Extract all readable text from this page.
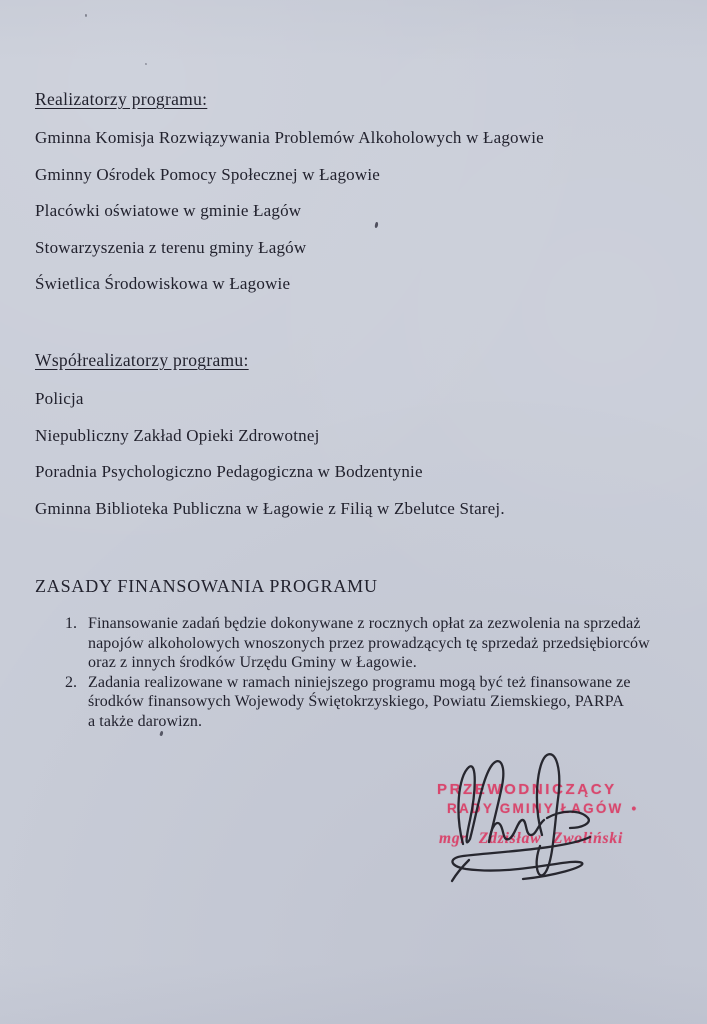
Realizatorzy programu:

Gminna Komisja Rozwiązywania Problemów Alkoholowych w Łagowie

Gminny Ośrodek Pomocy Społecznej w Łagowie

Placówki oświatowe w gminie Łagów

Stowarzyszenia z terenu gminy Łagów

Świetlica Środowiskowa w Łagowie

Współrealizatorzy programu:

Policja

Niepubliczny Zakład Opieki Zdrowotnej

Poradnia Psychologiczno Pedagogiczna w Bodzentynie

Gminna Biblioteka Publiczna w Łagowie z Filią w Zbelutce Starej.

ZASADY FINANSOWANIA PROGRAMU
1. Finansowanie zadań będzie dokonywane z rocznych opłat za zezwolenia na sprzedaż
napojów alkoholowych wnoszonych przez prowadzących tę sprzedaż przedsiębiorców
oraz z innych środków Urzędu Gminy w Łagowie.
2. Zadania realizowane w ramach niniejszego programu mogą być też finansowane ze
środków finansowych Wojewody Świętokrzyskiego, Powiatu Ziemskiego, PARPA
a także darowizn.
PRZEWODNICZĄCY
RADY GMINY ŁAGÓW •
mgr Zdzisław Zwoliński
